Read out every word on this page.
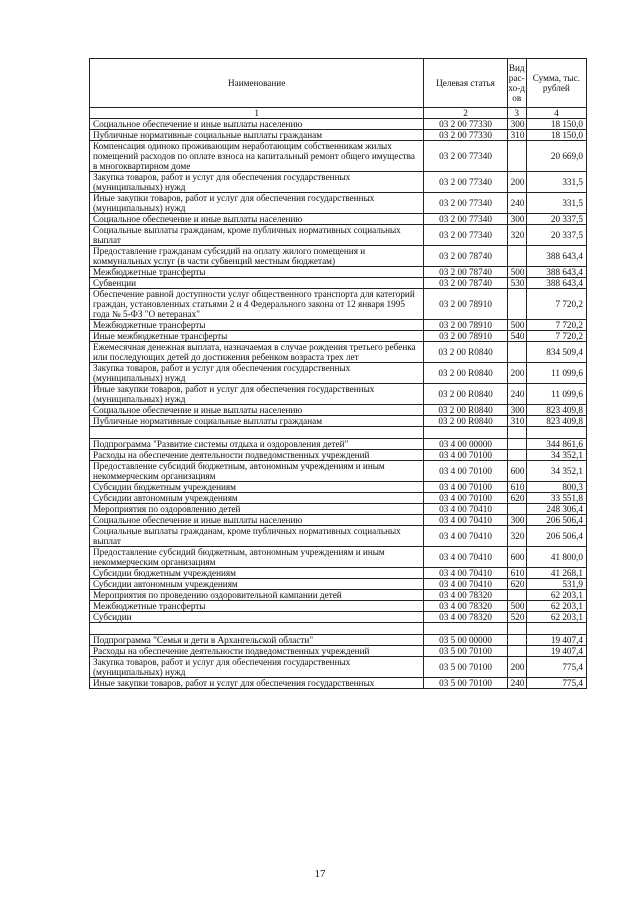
Наименование	Целевая статья	Вид рас-хо-дов	Сумма, тыс. рублей
1	2	3	4
Социальное обеспечение и иные выплаты населению	03 2 00 77330	300	18 150,0
Публичные нормативные социальные выплаты гражданам	03 2 00 77330	310	18 150,0
Компенсация одиноко проживающим неработающим собственникам жилых помещений расходов по оплате взноса на капитальный ремонт общего имущества в многоквартирном доме	03 2 00 77340		20 669,0
Закупка товаров, работ и услуг для обеспечения государственных (муниципальных) нужд	03 2 00 77340	200	331,5
Иные закупки товаров, работ и услуг для обеспечения государственных (муниципальных) нужд	03 2 00 77340	240	331,5
Социальное обеспечение и иные выплаты населению	03 2 00 77340	300	20 337,5
Социальные выплаты гражданам, кроме публичных нормативных социальных выплат	03 2 00 77340	320	20 337,5
Предоставление гражданам субсидий на оплату жилого помещения и коммунальных услуг (в части субвенций местным бюджетам)	03 2 00 78740		388 643,4
Межбюджетные трансферты	03 2 00 78740	500	388 643,4
Субвенции	03 2 00 78740	530	388 643,4
Обеспечение равной доступности услуг общественного транспорта для категорий граждан, установленных статьями 2 и 4 Федерального закона от 12 января 1995 года № 5-ФЗ "О ветеранах"	03 2 00 78910		7 720,2
Межбюджетные трансферты	03 2 00 78910	500	7 720,2
Иные межбюджетные трансферты	03 2 00 78910	540	7 720,2
Ежемесячная денежная выплата, назначаемая в случае рождения третьего ребенка или последующих детей до достижения ребенком возраста трех лет	03 2 00 R0840		834 509,4
Закупка товаров, работ и услуг для обеспечения государственных (муниципальных) нужд	03 2 00 R0840	200	11 099,6
Иные закупки товаров, работ и услуг для обеспечения государственных (муниципальных) нужд	03 2 00 R0840	240	11 099,6
Социальное обеспечение и иные выплаты населению	03 2 00 R0840	300	823 409,8
Публичные нормативные социальные выплаты гражданам	03 2 00 R0840	310	823 409,8

Подпрограмма "Развитие системы отдыха и оздоровления детей"	03 4 00 00000		344 861,6
Расходы на обеспечение деятельности подведомственных учреждений	03 4 00 70100		34 352,1
Предоставление субсидий бюджетным, автономным учреждениям и иным некоммерческим организациям	03 4 00 70100	600	34 352,1
Субсидии бюджетным учреждениям	03 4 00 70100	610	800,3
Субсидии автономным учреждениям	03 4 00 70100	620	33 551,8
Мероприятия по оздоровлению детей	03 4 00 70410		248 306,4
Социальное обеспечение и иные выплаты населению	03 4 00 70410	300	206 506,4
Социальные выплаты гражданам, кроме публичных нормативных социальных выплат	03 4 00 70410	320	206 506,4
Предоставление субсидий бюджетным, автономным учреждениям и иным некоммерческим организациям	03 4 00 70410	600	41 800,0
Субсидии бюджетным учреждениям	03 4 00 70410	610	41 268,1
Субсидии автономным учреждениям	03 4 00 70410	620	531,9
Мероприятия по проведению оздоровительной кампании детей	03 4 00 78320		62 203,1
Межбюджетные трансферты	03 4 00 78320	500	62 203,1
Субсидии	03 4 00 78320	520	62 203,1

Подпрограмма "Семья и дети в Архангельской области"	03 5 00 00000		19 407,4
Расходы на обеспечение деятельности подведомственных учреждений	03 5 00 70100		19 407,4
Закупка товаров, работ и услуг для обеспечения государственных (муниципальных) нужд	03 5 00 70100	200	775,4
Иные закупки товаров, работ и услуг для обеспечения государственных	03 5 00 70100	240	775,4
17
